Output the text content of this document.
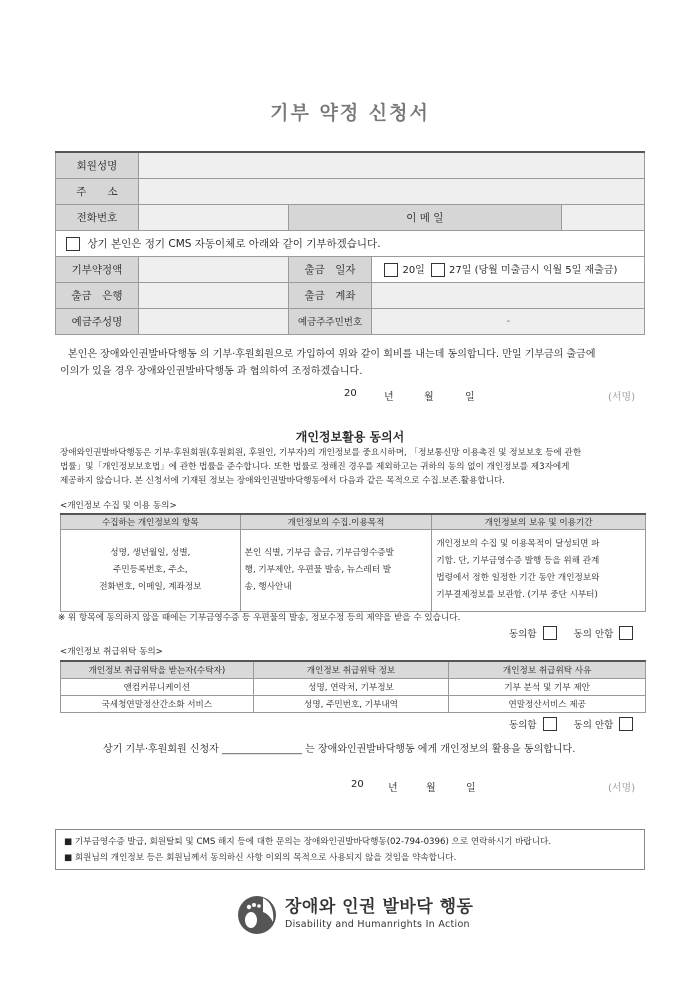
기부 약정 신청서
회원성명				
주　　소				
전화번호		이 메 일		
상기 본인은 정기 CMS 자동이체로 아래와 같이 기부하겠습니다.				
기부약정액		출금　일자	20일 27일 (당월 미출금시 익월 5일 재출금)	
출금　은행		출금　계좌		
예금주성명		예금주주민번호	-	
본인은 장애와인권발바닥행동 의 기부·후원회원으로 가입하여 위와 같이 회비를 내는데 동의합니다. 만일 기부금의 출금에
이의가 있을 경우 장애와인권발바닥행동 과 협의하여 조정하겠습니다.
20	년	월	일	(서명)
개인정보활용 동의서
장애와인권발바닥행동은 기부·후원회원(후원회원, 후원인, 기부자)의 개인정보를 중요시하며, 「정보통신망 이용촉진 및 정보보호 등에 관한
법률」및「개인정보보호법」에 관한 법률을 준수합니다. 또한 법률로 정해진 경우를 제외하고는 귀하의 동의 없이 개인정보를 제3자에게
제공하지 않습니다. 본 신청서에 기재된 정보는 장애와인권발바닥행동에서 다음과 같은 목적으로 수집.보존.활용합니다.
<개인정보 수집 및 이용 동의>
수집하는 개인정보의 항목	개인정보의 수집.이용목적	개인정보의 보유 및 이용기간
성명, 생년월일, 성별,
주민등록번호, 주소,
전화번호, 이메일, 계좌정보	본인 식별, 기부금 출금, 기부금영수증발
행, 기부제안, 우편물 발송, 뉴스레터 발
송, 행사안내	개인정보의 수집 및 이용목적이 달성되면 파
기함. 단, 기부금영수증 발행 등을 위해 관계
법령에서 정한 일정한 기간 동안 개인정보와
기부결제정보를 보관함. (기부 중단 시부터)
※ 위 항목에 동의하지 않을 때에는 기부금영수증 등 우편물의 발송, 정보수정 등의 제약을 받을 수 있습니다.
동의함	동의 안함
<개인정보 취급위탁 동의>
개인정보 취급위탁을 받는자(수탁자)	개인정보 취급위탁 정보	개인정보 취급위탁 사유
앤컴커뮤니케이션	성명, 연락처, 기부정보	기부 분석 및 기부 제안
국세청연말정산간소화 서비스	성명, 주민번호, 기부내역	연말정산서비스 제공
동의함	동의 안함
상기 기부·후원회원 신청자 ________________ 는 장애와인권발바닥행동 에게 개인정보의 활용을 동의합니다.
20 년	월	일	(서명)
■ 기부금영수증 발급, 회원탈퇴 및 CMS 해지 등에 대한 문의는 장애와인권발바닥행동(02-794-0396) 으로 연락하시기 바랍니다.
■ 회원님의 개인정보 등은 회원님께서 동의하신 사항 이외의 목적으로 사용되지 않을 것임을 약속합니다.
장애와 인권 발바닥 행동
Disability and Humanrights In Action
